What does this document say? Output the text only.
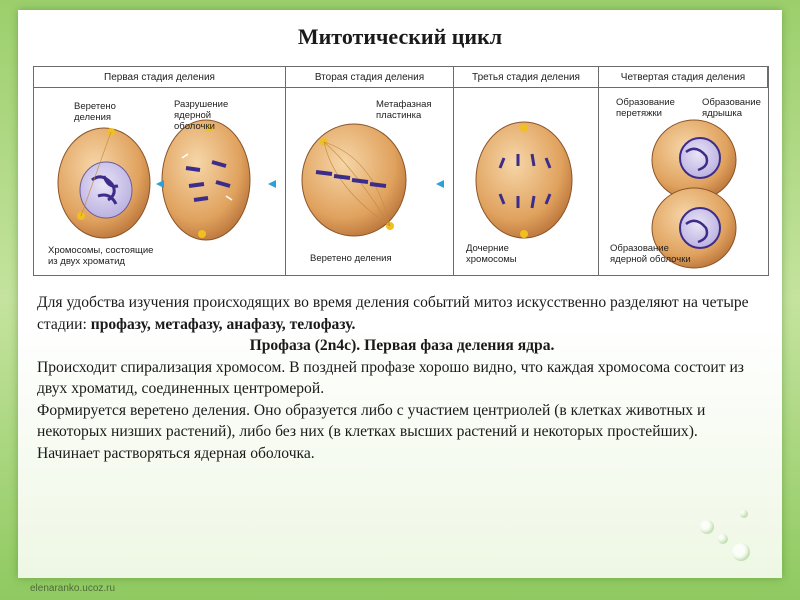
Митотический цикл
Первая стадия деления	Вторая стадия деления	Третья стадия деления	Четвертая стадия деления
Веретено
деления
Разрушение
ядерной
оболочки
Хромосомы, состоящие
из двух хроматид
Метафазная
пластинка
Веретено деления
Дочерние
хромосомы
Образование
перетяжки
Образование
ядрышка
Образование
ядерной оболочки

Для удобства изучения происходящих во время деления событий митоз искусственно разделяют на четыре стадии: профазу, метафазу, анафазу, телофазу.

Профаза (2n4c). Первая фаза деления ядра.

Происходит спирализация хромосом. В поздней профазе хорошо видно, что каждая хромосома состоит из двух хроматид, соединенных центромерой.

Формируется веретено деления. Оно образуется либо с участием центриолей (в клетках животных и некоторых низших растений), либо без них (в клетках высших растений и некоторых простейших).

Начинает растворяться ядерная оболочка.

elenaranko.ucoz.ru
